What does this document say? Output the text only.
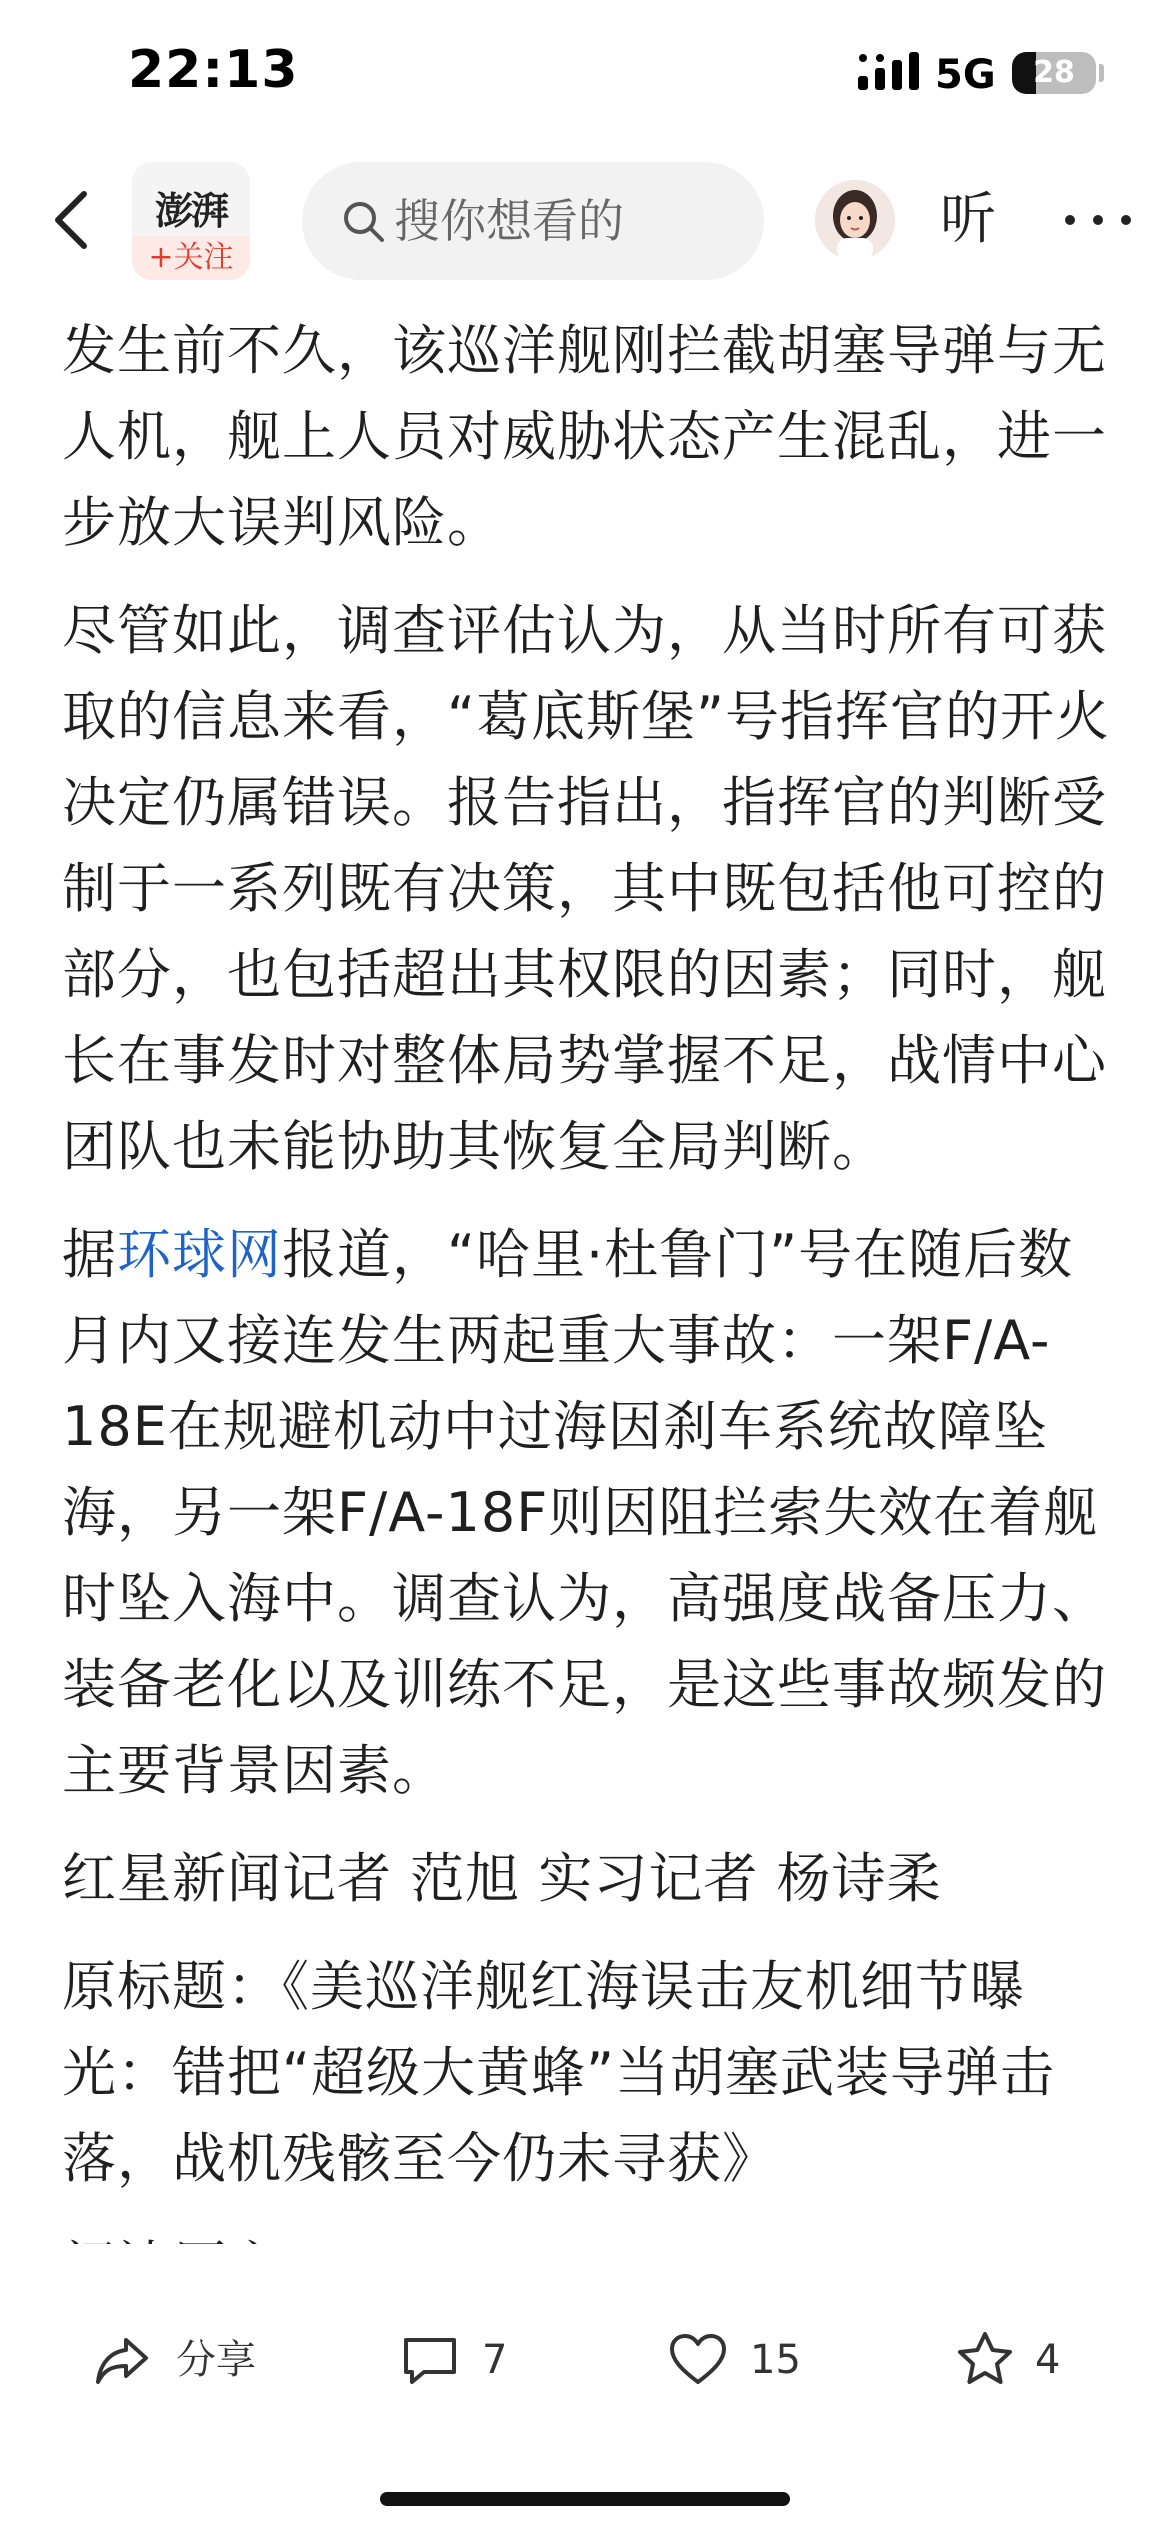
22:13	5G	28
澎湃
+关注
搜你想看的	听

发生前不久，该巡洋舰刚拦截胡塞导弹与无人机，舰上人员对威胁状态产生混乱，进一步放大误判风险。

尽管如此，调查评估认为，从当时所有可获取的信息来看，“葛底斯堡”号指挥官的开火决定仍属错误。报告指出，指挥官的判断受制于一系列既有决策，其中既包括他可控的部分，也包括超出其权限的因素；同时，舰长在事发时对整体局势掌握不足，战情中心团队也未能协助其恢复全局判断。

据环球网报道，“哈里·杜鲁门”号在随后数月内又接连发生两起重大事故：一架F/A-18E在规避机动中过海因刹车系统故障坠海，另一架F/A-18F则因阻拦索失效在着舰时坠入海中。调查认为，高强度战备压力、装备老化以及训练不足，是这些事故频发的主要背景因素。

红星新闻记者 范旭 实习记者 杨诗柔

原标题：《美巡洋舰红海误击友机细节曝光：错把“超级大黄蜂”当胡塞武装导弹击落，战机残骸至今仍未寻获》

分享	7	15	4
